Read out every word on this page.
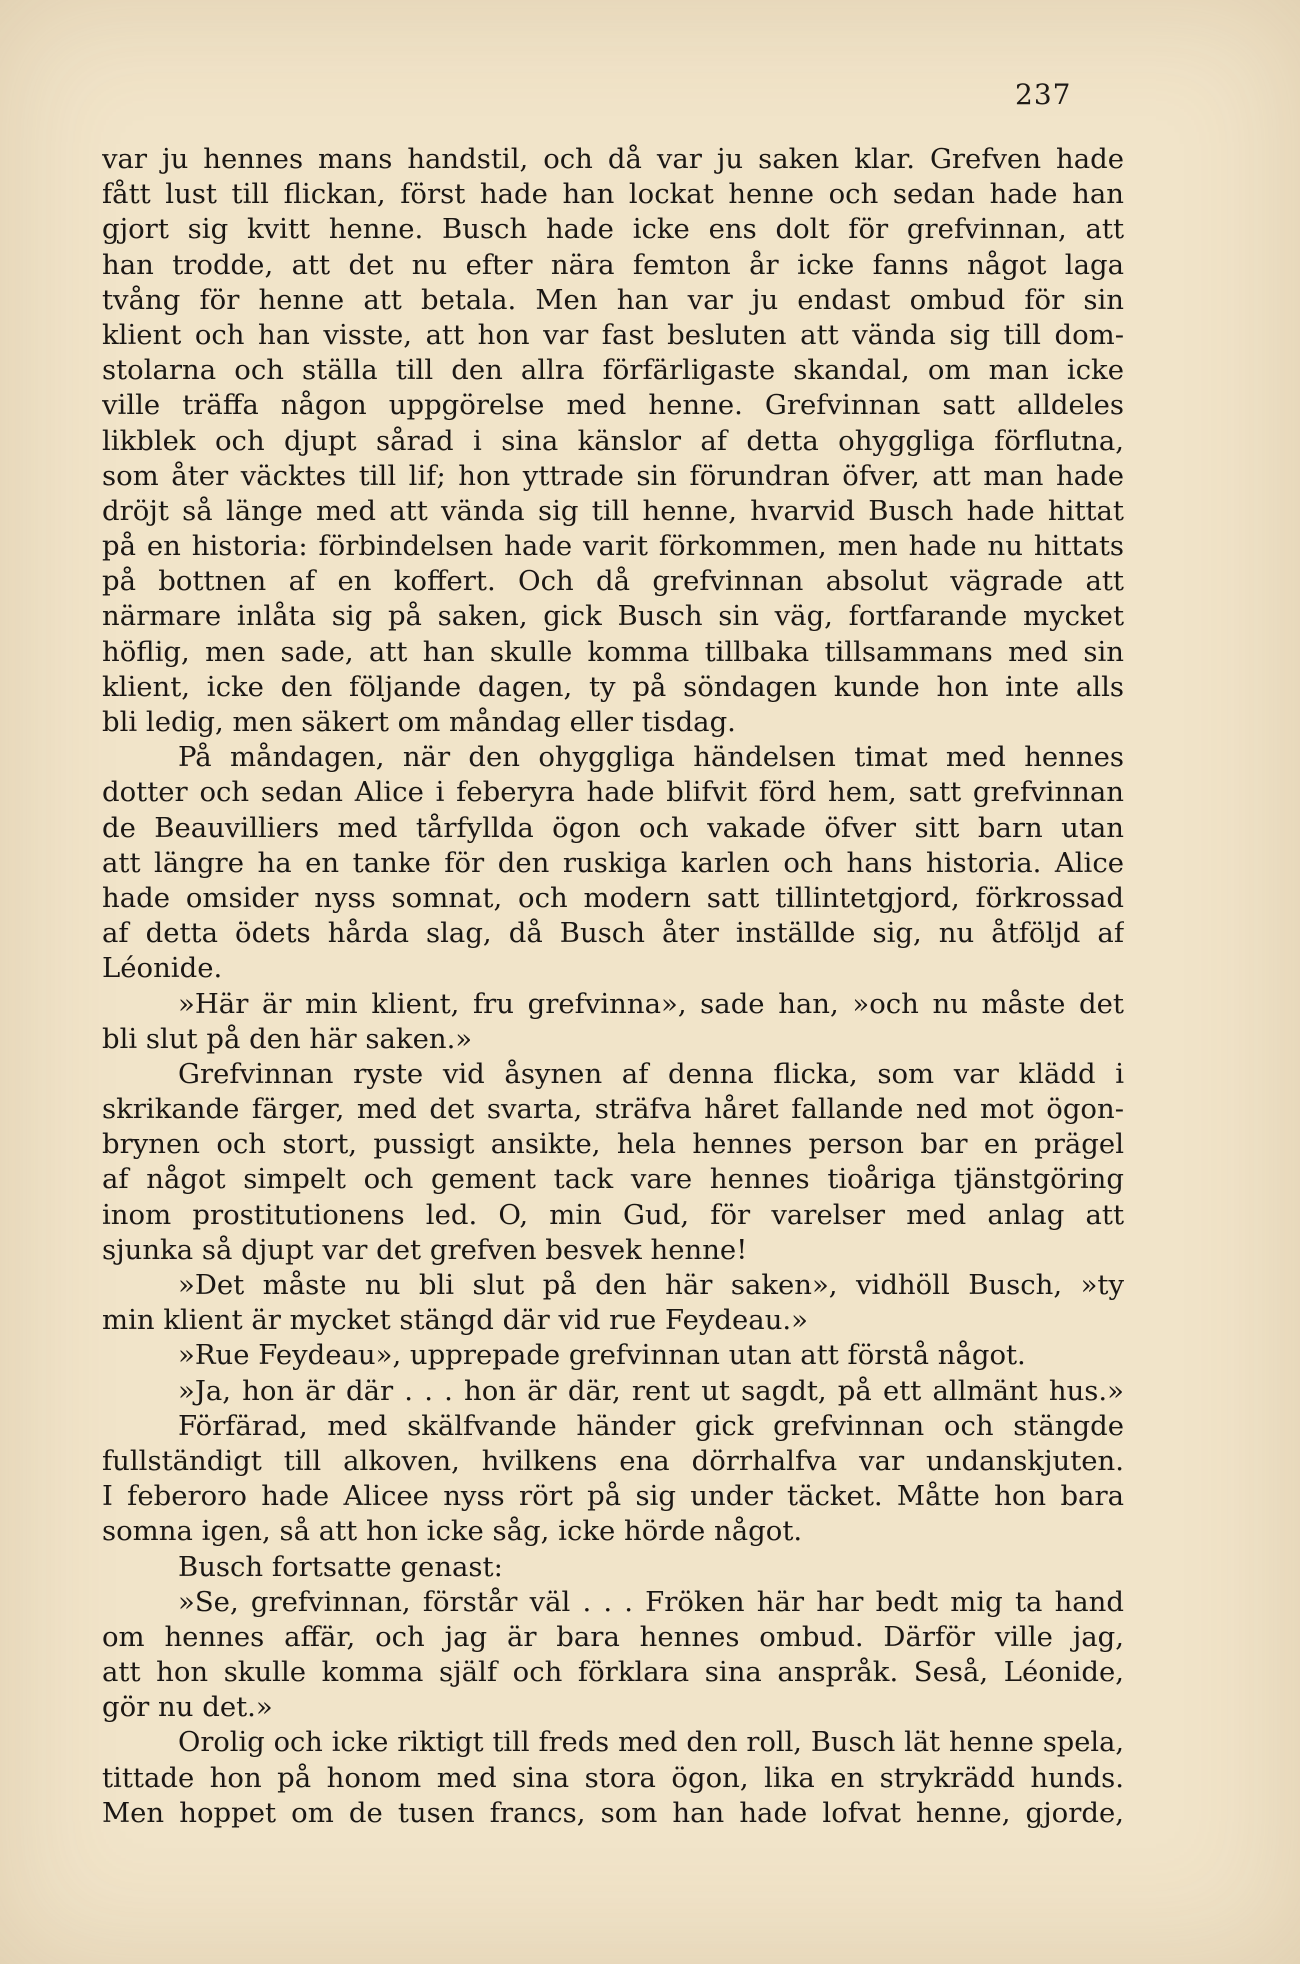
237
var ju hennes mans handstil, och då var ju saken klar. Grefven hade
fått lust till flickan, först hade han lockat henne och sedan hade han
gjort sig kvitt henne. Busch hade icke ens dolt för grefvinnan, att
han trodde, att det nu efter nära femton år icke fanns något laga
tvång för henne att betala. Men han var ju endast ombud för sin
klient och han visste, att hon var fast besluten att vända sig till dom-
stolarna och ställa till den allra förfärligaste skandal, om man icke
ville träffa någon uppgörelse med henne. Grefvinnan satt alldeles
likblek och djupt sårad i sina känslor af detta ohyggliga förflutna,
som åter väcktes till lif; hon yttrade sin förundran öfver, att man hade
dröjt så länge med att vända sig till henne, hvarvid Busch hade hittat
på en historia: förbindelsen hade varit förkommen, men hade nu hittats
på bottnen af en koffert. Och då grefvinnan absolut vägrade att
närmare inlåta sig på saken, gick Busch sin väg, fortfarande mycket
höflig, men sade, att han skulle komma tillbaka tillsammans med sin
klient, icke den följande dagen, ty på söndagen kunde hon inte alls
bli ledig, men säkert om måndag eller tisdag.
På måndagen, när den ohyggliga händelsen timat med hennes
dotter och sedan Alice i feberyra hade blifvit förd hem, satt grefvinnan
de Beauvilliers med tårfyllda ögon och vakade öfver sitt barn utan
att längre ha en tanke för den ruskiga karlen och hans historia. Alice
hade omsider nyss somnat, och modern satt tillintetgjord, förkrossad
af detta ödets hårda slag, då Busch åter inställde sig, nu åtföljd af
Léonide.
»Här är min klient, fru grefvinna», sade han, »och nu måste det
bli slut på den här saken.»
Grefvinnan ryste vid åsynen af denna flicka, som var klädd i
skrikande färger, med det svarta, sträfva håret fallande ned mot ögon-
brynen och stort, pussigt ansikte, hela hennes person bar en prägel
af något simpelt och gement tack vare hennes tioåriga tjänstgöring
inom prostitutionens led. O, min Gud, för varelser med anlag att
sjunka så djupt var det grefven besvek henne!
»Det måste nu bli slut på den här saken», vidhöll Busch, »ty
min klient är mycket stängd där vid rue Feydeau.»
»Rue Feydeau», upprepade grefvinnan utan att förstå något.
»Ja, hon är där . . . hon är där, rent ut sagdt, på ett allmänt hus.»
Förfärad, med skälfvande händer gick grefvinnan och stängde
fullständigt till alkoven, hvilkens ena dörrhalfva var undanskjuten.
I feberoro hade Alicee nyss rört på sig under täcket. Måtte hon bara
somna igen, så att hon icke såg, icke hörde något.
Busch fortsatte genast:
»Se, grefvinnan, förstår väl . . . Fröken här har bedt mig ta hand
om hennes affär, och jag är bara hennes ombud. Därför ville jag,
att hon skulle komma själf och förklara sina anspråk. Seså, Léonide,
gör nu det.»
Orolig och icke riktigt till freds med den roll, Busch lät henne spela,
tittade hon på honom med sina stora ögon, lika en strykrädd hunds.
Men hoppet om de tusen francs, som han hade lofvat henne, gjorde,
